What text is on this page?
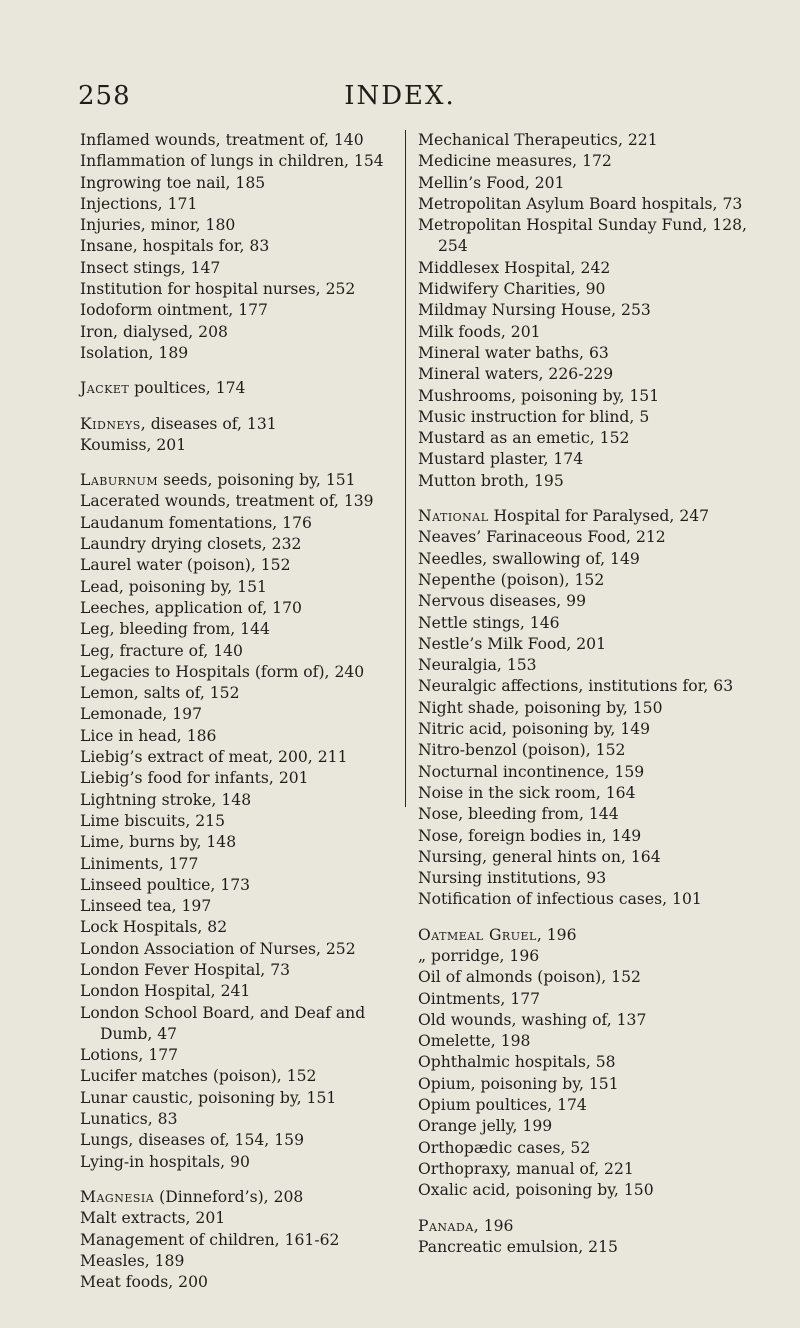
258	INDEX.
Inflamed wounds, treatment of, 140
Inflammation of lungs in children, 154
Ingrowing toe nail, 185
Injections, 171
Injuries, minor, 180
Insane, hospitals for, 83
Insect stings, 147
Institution for hospital nurses, 252
Iodoform ointment, 177
Iron, dialysed, 208
Isolation, 189
Jacket poultices, 174
Kidneys, diseases of, 131
Koumiss, 201
Laburnum seeds, poisoning by, 151
Lacerated wounds, treatment of, 139
Laudanum fomentations, 176
Laundry drying closets, 232
Laurel water (poison), 152
Lead, poisoning by, 151
Leeches, application of, 170
Leg, bleeding from, 144
Leg, fracture of, 140
Legacies to Hospitals (form of), 240
Lemon, salts of, 152
Lemonade, 197
Lice in head, 186
Liebig’s extract of meat, 200, 211
Liebig’s food for infants, 201
Lightning stroke, 148
Lime biscuits, 215
Lime, burns by, 148
Liniments, 177
Linseed poultice, 173
Linseed tea, 197
Lock Hospitals, 82
London Association of Nurses, 252
London Fever Hospital, 73
London Hospital, 241
London School Board, and Deaf and Dumb, 47
Lotions, 177
Lucifer matches (poison), 152
Lunar caustic, poisoning by, 151
Lunatics, 83
Lungs, diseases of, 154, 159
Lying-in hospitals, 90
Magnesia (Dinneford’s), 208
Malt extracts, 201
Management of children, 161-62
Measles, 189
Meat foods, 200
Mechanical Therapeutics, 221
Medicine measures, 172
Mellin’s Food, 201
Metropolitan Asylum Board hospitals, 73
Metropolitan Hospital Sunday Fund, 128, 254
Middlesex Hospital, 242
Midwifery Charities, 90
Mildmay Nursing House, 253
Milk foods, 201
Mineral water baths, 63
Mineral waters, 226-229
Mushrooms, poisoning by, 151
Music instruction for blind, 5
Mustard as an emetic, 152
Mustard plaster, 174
Mutton broth, 195
National Hospital for Paralysed, 247
Neaves’ Farinaceous Food, 212
Needles, swallowing of, 149
Nepenthe (poison), 152
Nervous diseases, 99
Nettle stings, 146
Nestle’s Milk Food, 201
Neuralgia, 153
Neuralgic affections, institutions for, 63
Night shade, poisoning by, 150
Nitric acid, poisoning by, 149
Nitro-benzol (poison), 152
Nocturnal incontinence, 159
Noise in the sick room, 164
Nose, bleeding from, 144
Nose, foreign bodies in, 149
Nursing, general hints on, 164
Nursing institutions, 93
Notification of infectious cases, 101
Oatmeal Gruel, 196
„ porridge, 196
Oil of almonds (poison), 152
Ointments, 177
Old wounds, washing of, 137
Omelette, 198
Ophthalmic hospitals, 58
Opium, poisoning by, 151
Opium poultices, 174
Orange jelly, 199
Orthopædic cases, 52
Orthopraxy, manual of, 221
Oxalic acid, poisoning by, 150
Panada, 196
Pancreatic emulsion, 215
